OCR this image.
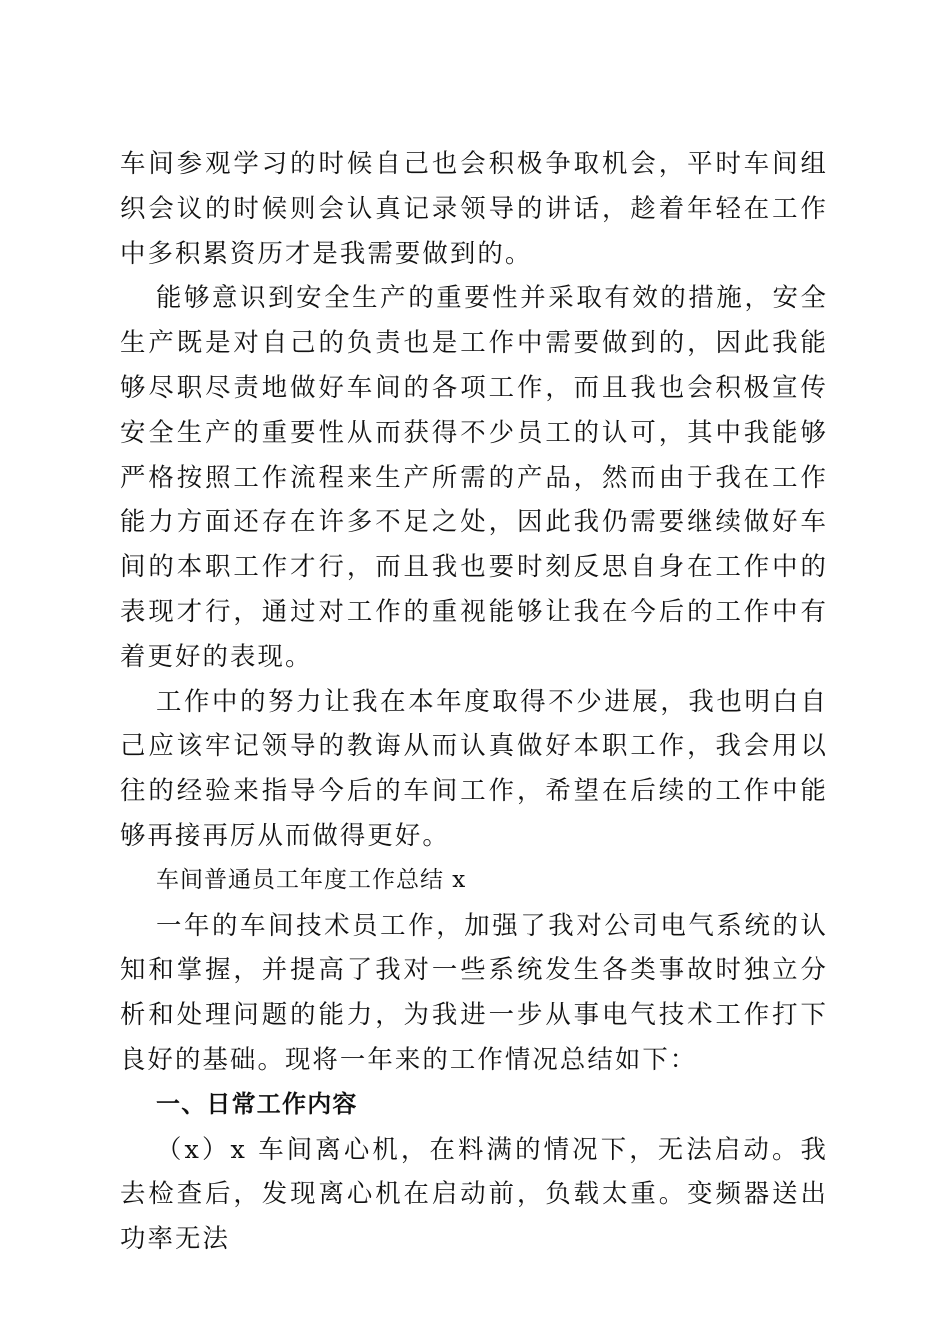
车间参观学习的时候自己也会积极争取机会，平时车间组织会议的时候则会认真记录领导的讲话，趁着年轻在工作中多积累资历才是我需要做到的。

能够意识到安全生产的重要性并采取有效的措施，安全生产既是对自己的负责也是工作中需要做到的，因此我能够尽职尽责地做好车间的各项工作，而且我也会积极宣传安全生产的重要性从而获得不少员工的认可，其中我能够严格按照工作流程来生产所需的产品，然而由于我在工作能力方面还存在许多不足之处，因此我仍需要继续做好车间的本职工作才行，而且我也要时刻反思自身在工作中的表现才行，通过对工作的重视能够让我在今后的工作中有着更好的表现。

工作中的努力让我在本年度取得不少进展，我也明白自己应该牢记领导的教诲从而认真做好本职工作，我会用以往的经验来指导今后的车间工作，希望在后续的工作中能够再接再厉从而做得更好。

车间普通员工年度工作总结 x

一年的车间技术员工作，加强了我对公司电气系统的认知和掌握，并提高了我对一些系统发生各类事故时独立分析和处理问题的能力，为我进一步从事电气技术工作打下良好的基础。现将一年来的工作情况总结如下：

一、日常工作内容

（x）x 车间离心机，在料满的情况下，无法启动。我去检查后，发现离心机在启动前，负载太重。变频器送出功率无法
